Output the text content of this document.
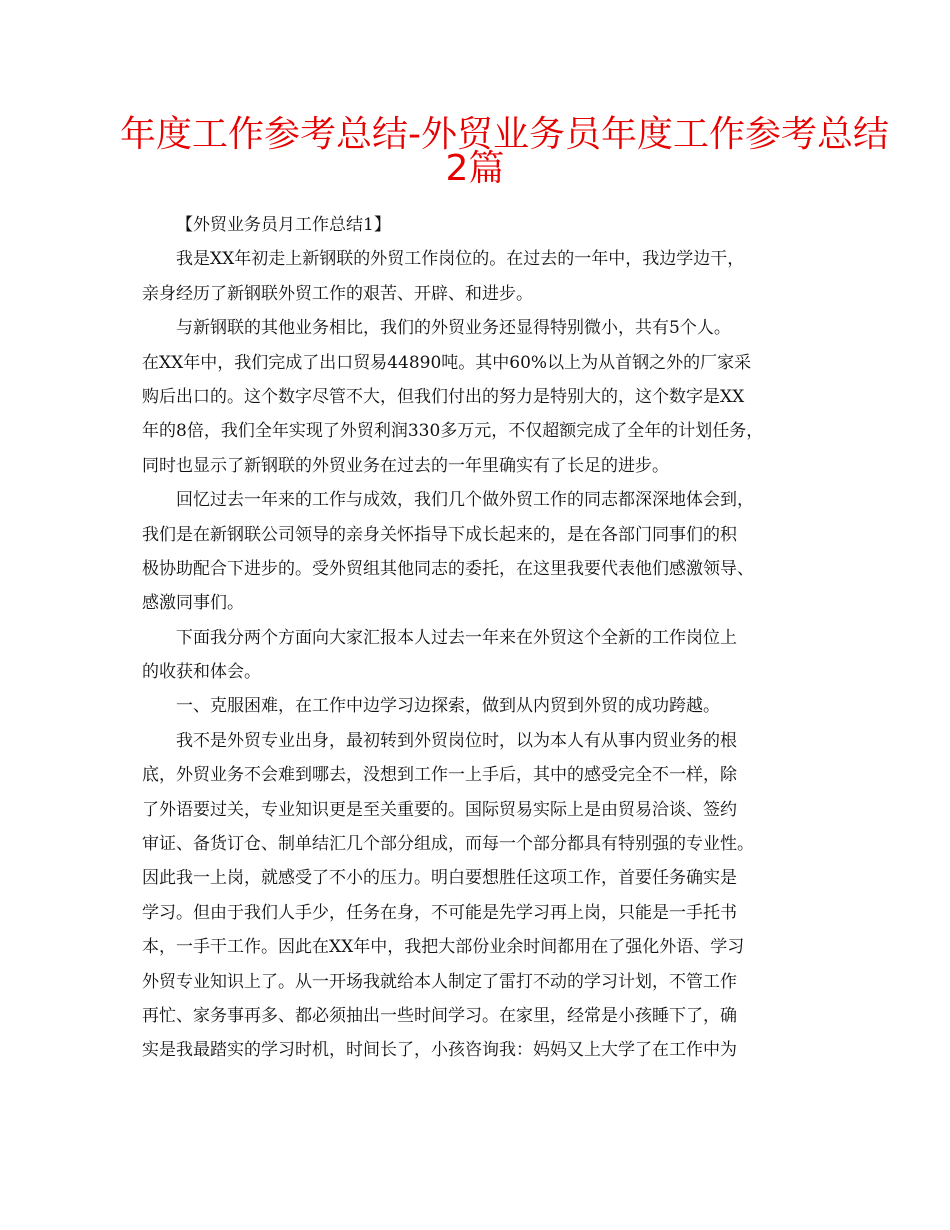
年度工作参考总结-外贸业务员年度工作参考总结
2篇
【外贸业务员月工作总结1】
我是XX年初走上新钢联的外贸工作岗位的。在过去的一年中，我边学边干，
亲身经历了新钢联外贸工作的艰苦、开辟、和进步。
与新钢联的其他业务相比，我们的外贸业务还显得特别微小，共有5个人。
在XX年中，我们完成了出口贸易44890吨。其中60%以上为从首钢之外的厂家采
购后出口的。这个数字尽管不大，但我们付出的努力是特别大的，这个数字是XX
年的8倍，我们全年实现了外贸利润330多万元，不仅超额完成了全年的计划任务，
同时也显示了新钢联的外贸业务在过去的一年里确实有了长足的进步。
回忆过去一年来的工作与成效，我们几个做外贸工作的同志都深深地体会到，
我们是在新钢联公司领导的亲身关怀指导下成长起来的，是在各部门同事们的积
极协助配合下进步的。受外贸组其他同志的委托，在这里我要代表他们感激领导、
感激同事们。
下面我分两个方面向大家汇报本人过去一年来在外贸这个全新的工作岗位上
的收获和体会。
一、克服困难，在工作中边学习边探索，做到从内贸到外贸的成功跨越。
我不是外贸专业出身，最初转到外贸岗位时，以为本人有从事内贸业务的根
底，外贸业务不会难到哪去，没想到工作一上手后，其中的感受完全不一样，除
了外语要过关，专业知识更是至关重要的。国际贸易实际上是由贸易洽谈、签约
审证、备货订仓、制单结汇几个部分组成，而每一个部分都具有特别强的专业性。
因此我一上岗，就感受了不小的压力。明白要想胜任这项工作，首要任务确实是
学习。但由于我们人手少，任务在身，不可能是先学习再上岗，只能是一手托书
本，一手干工作。因此在XX年中，我把大部份业余时间都用在了强化外语、学习
外贸专业知识上了。从一开场我就给本人制定了雷打不动的学习计划，不管工作
再忙、家务事再多、都必须抽出一些时间学习。在家里，经常是小孩睡下了，确
实是我最踏实的学习时机，时间长了，小孩咨询我：妈妈又上大学了在工作中为
